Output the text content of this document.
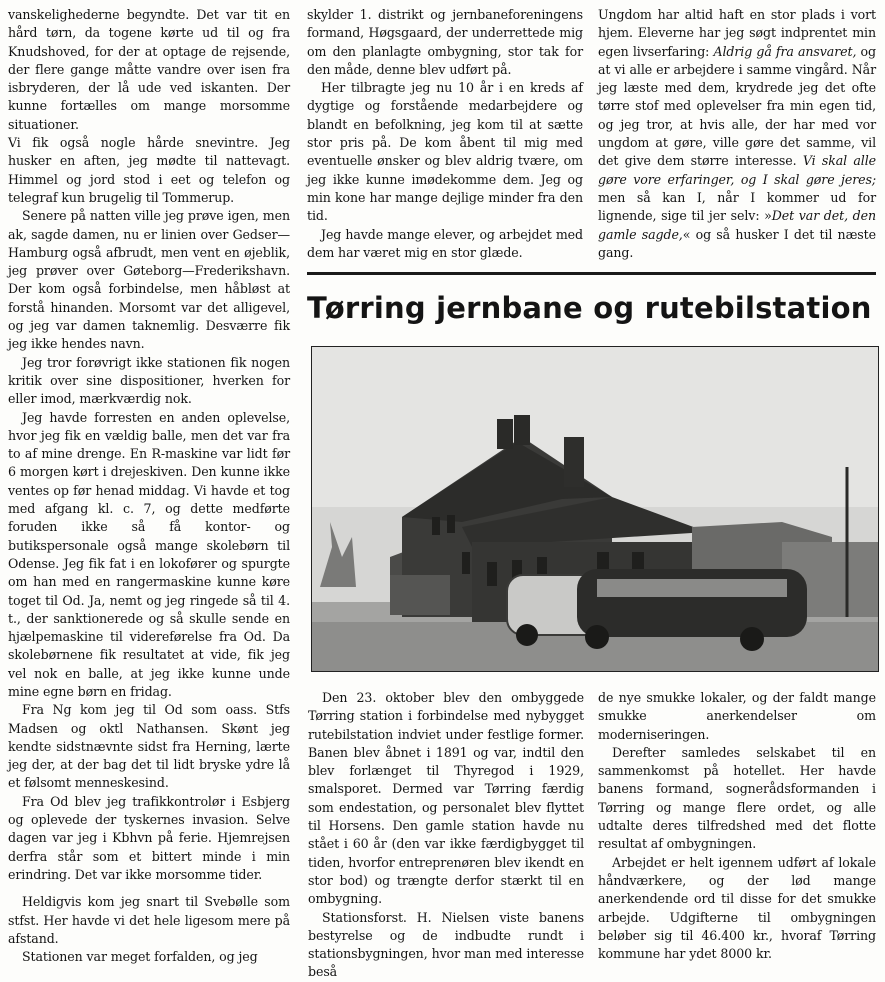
vanskelighederne begyndte. Det var tit en hård tørn, da togene kørte ud til og fra Knudshoved, for der at optage de rejsende, der flere gange måtte vandre over isen fra isbryderen, der lå ude ved iskanten. Der kunne fortælles om mange morsomme situationer.

Vi fik også nogle hårde snevintre. Jeg husker en aften, jeg mødte til nattevagt. Himmel og jord stod i eet og telefon og telegraf kun brugelig til Tommerup.

Senere på natten ville jeg prøve igen, men ak, sagde damen, nu er linien over Gedser—Hamburg også afbrudt, men vent en øjeblik, jeg prøver over Gøteborg—Frederikshavn. Der kom også forbindelse, men håbløst at forstå hinanden. Morsomt var det alligevel, og jeg var damen taknemlig. Desværre fik jeg ikke hendes navn.

Jeg tror forøvrigt ikke stationen fik nogen kritik over sine dispositioner, hverken for eller imod, mærkværdig nok.

Jeg havde forresten en anden oplevelse, hvor jeg fik en vældig balle, men det var fra to af mine drenge. En R-maskine var lidt før 6 morgen kørt i drejeskiven. Den kunne ikke ventes op før henad middag. Vi havde et tog med afgang kl. c. 7, og dette medførte foruden ikke så få kontor- og butikspersonale også mange skolebørn til Odense. Jeg fik fat i en lokofører og spurgte om han med en rangermaskine kunne køre toget til Od. Ja, nemt og jeg ringede så til 4. t., der sanktionerede og så skulle sende en hjælpemaskine til videreførelse fra Od. Da skolebørnene fik resultatet at vide, fik jeg vel nok en balle, at jeg ikke kunne unde mine egne børn en fridag.

Fra Ng kom jeg til Od som oass. Stfs Madsen og oktl Nathansen. Skønt jeg kendte sidstnævnte sidst fra Herning, lærte jeg der, at der bag det til lidt bryske ydre lå et følsomt menneskesind.

Fra Od blev jeg trafikkontrolør i Esbjerg og oplevede der tyskernes invasion. Selve dagen var jeg i Kbhvn på ferie. Hjemrejsen derfra står som et bittert minde i min erindring. Det var ikke morsomme tider.

Heldigvis kom jeg snart til Svebølle som stfst. Her havde vi det hele ligesom mere på afstand.

Stationen var meget forfalden, og jeg

skylder 1. distrikt og jernbaneforeningens formand, Høgsgaard, der underrettede mig om den planlagte ombygning, stor tak for den måde, denne blev udført på.

Her tilbragte jeg nu 10 år i en kreds af dygtige og forstående medarbejdere og blandt en befolkning, jeg kom til at sætte stor pris på. De kom åbent til mig med eventuelle ønsker og blev aldrig tværе, om jeg ikke kunne imødekomme dem. Jeg og min kone har mange dejlige minder fra den tid.

Jeg havde mange elever, og arbejdet med dem har været mig en stor glæde.

Ungdom har altid haft en stor plads i vort hjem. Eleverne har jeg søgt indprentet min egen livserfaring: Aldrig gå fra ansvaret, og at vi alle er arbejdere i samme vingård. Når jeg læste med dem, krydrede jeg det ofte tørre stof med oplevelser fra min egen tid, og jeg tror, at hvis alle, der har med vor ungdom at gøre, ville gøre det samme, vil det give dem større interesse. Vi skal alle gøre vore erfaringer, og I skal gøre jeres; men så kan I, når I kommer ud for lignende, sige til jer selv: »Det var det, den gamle sagde,« og så husker I det til næste gang.

Tørring jernbane og rutebilstation

Den 23. oktober blev den ombyggede Tørring station i forbindelse med nybygget rutebilstation indviet under festlige former. Banen blev åbnet i 1891 og var, indtil den blev forlænget til Thyregod i 1929, smalsporet. Dermed var Tørring færdig som endestation, og personalet blev flyttet til Horsens. Den gamle station havde nu stået i 60 år (den var ikke færdigbygget til tiden, hvorfor entreprenøren blev ikendt en stor bod) og trængte derfor stærkt til en ombygning.

Stationsforst. H. Nielsen viste banens bestyrelse og de indbudte rundt i stationsbygningen, hvor man med interesse beså

de nye smukke lokaler, og der faldt mange smukke anerkendelser om moderniseringen.

Derefter samledes selskabet til en sammenkomst på hotellet. Her havde banens formand, sognerådsformanden i Tørring og mange flere ordet, og alle udtalte deres tilfredshed med det flotte resultat af ombygningen.

Arbejdet er helt igennem udført af lokale håndværkere, og der lød mange anerkendende ord til disse for det smukke arbejde. Udgifterne til ombygningen beløber sig til 46.400 kr., hvoraf Tørring kommune har ydet 8000 kr.
